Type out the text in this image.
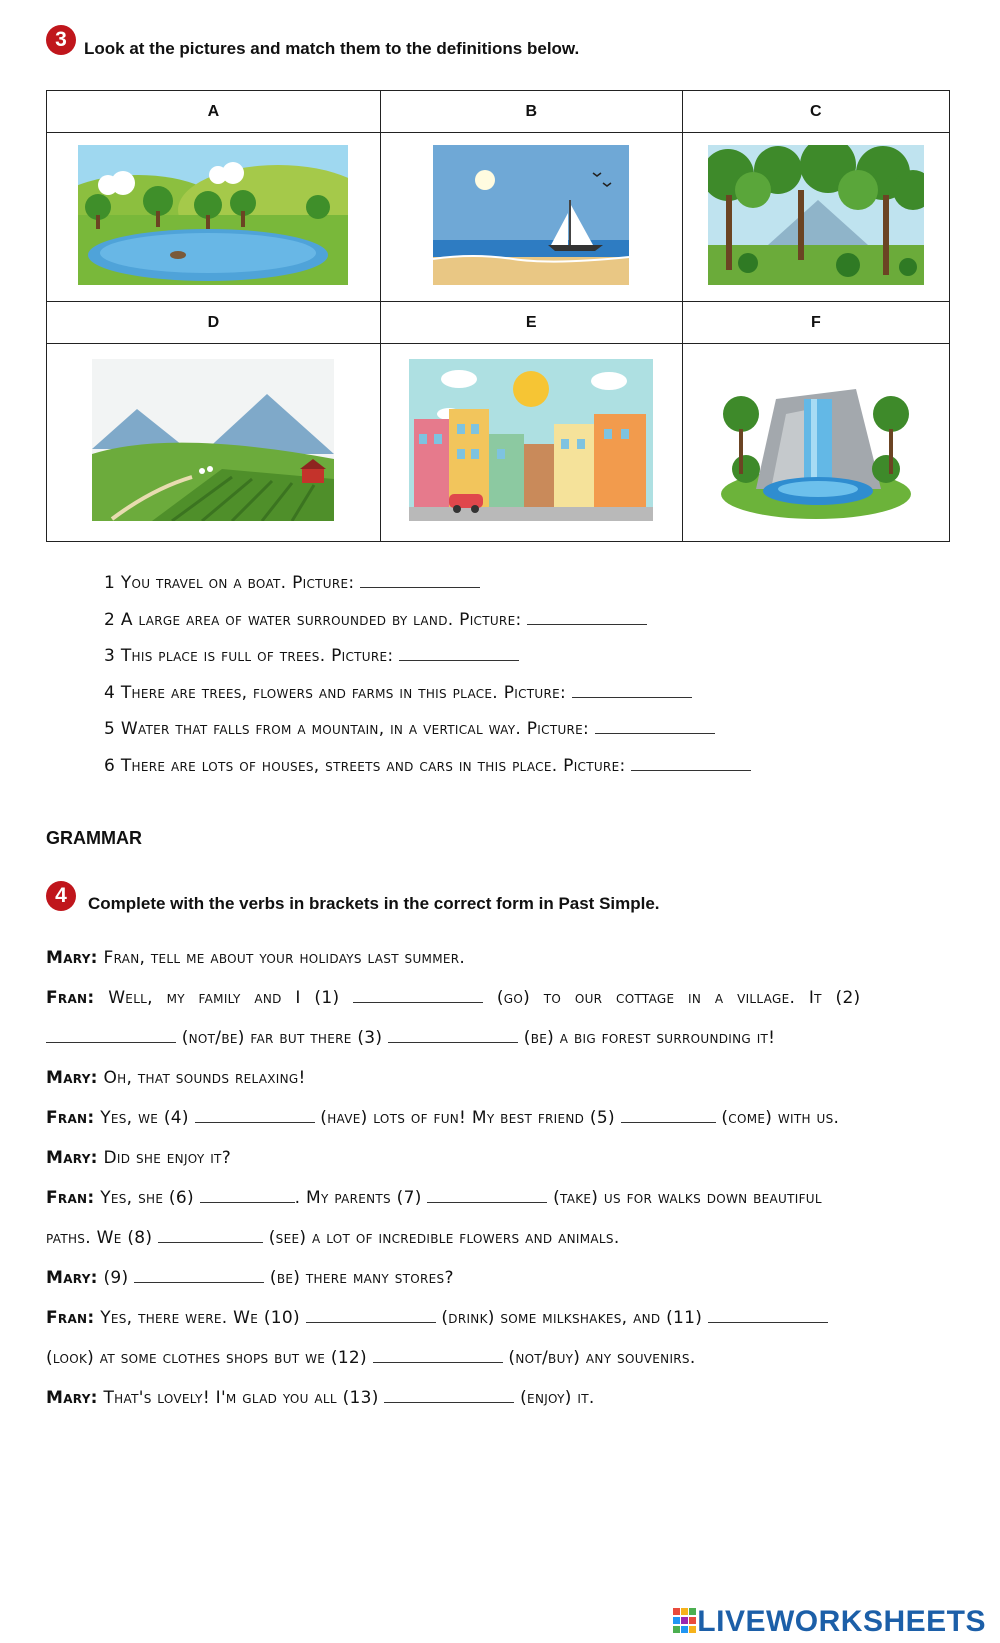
3 Look at the pictures and match them to the definitions below.
A	B	C

D	E	F

1 You travel on a boat. Picture:
2 A large area of water surrounded by land. Picture:
3 This place is full of trees. Picture:
4 There are trees, flowers and farms in this place. Picture:
5 Water that falls from a mountain, in a vertical way. Picture:
6 There are lots of houses, streets and cars in this place. Picture:
GRAMMAR
4 Complete with the verbs in brackets in the correct form in Past Simple.
Mary: Fran, tell me about your holidays last summer.
Fran: Well, my family and I (1)	(go) to our cottage in a village. It (2)
(not/be) far but there (3)	(be) a big forest surrounding it!
Mary: Oh, that sounds relaxing!
Fran: Yes, we (4)	(have) lots of fun! My best friend (5)	(come) with us.
Mary: Did she enjoy it?
Fran: Yes, she (6)	. My parents (7)	(take) us for walks down beautiful
paths. We (8)	(see) a lot of incredible flowers and animals.
Mary: (9)	(be) there many stores?
Fran: Yes, there were. We (10)	(drink) some milkshakes, and (11)
(look) at some clothes shops but we (12)	(not/buy) any souvenirs.
Mary: That's lovely! I'm glad you all (13)	(enjoy) it.
LIVEWORKSHEETS
